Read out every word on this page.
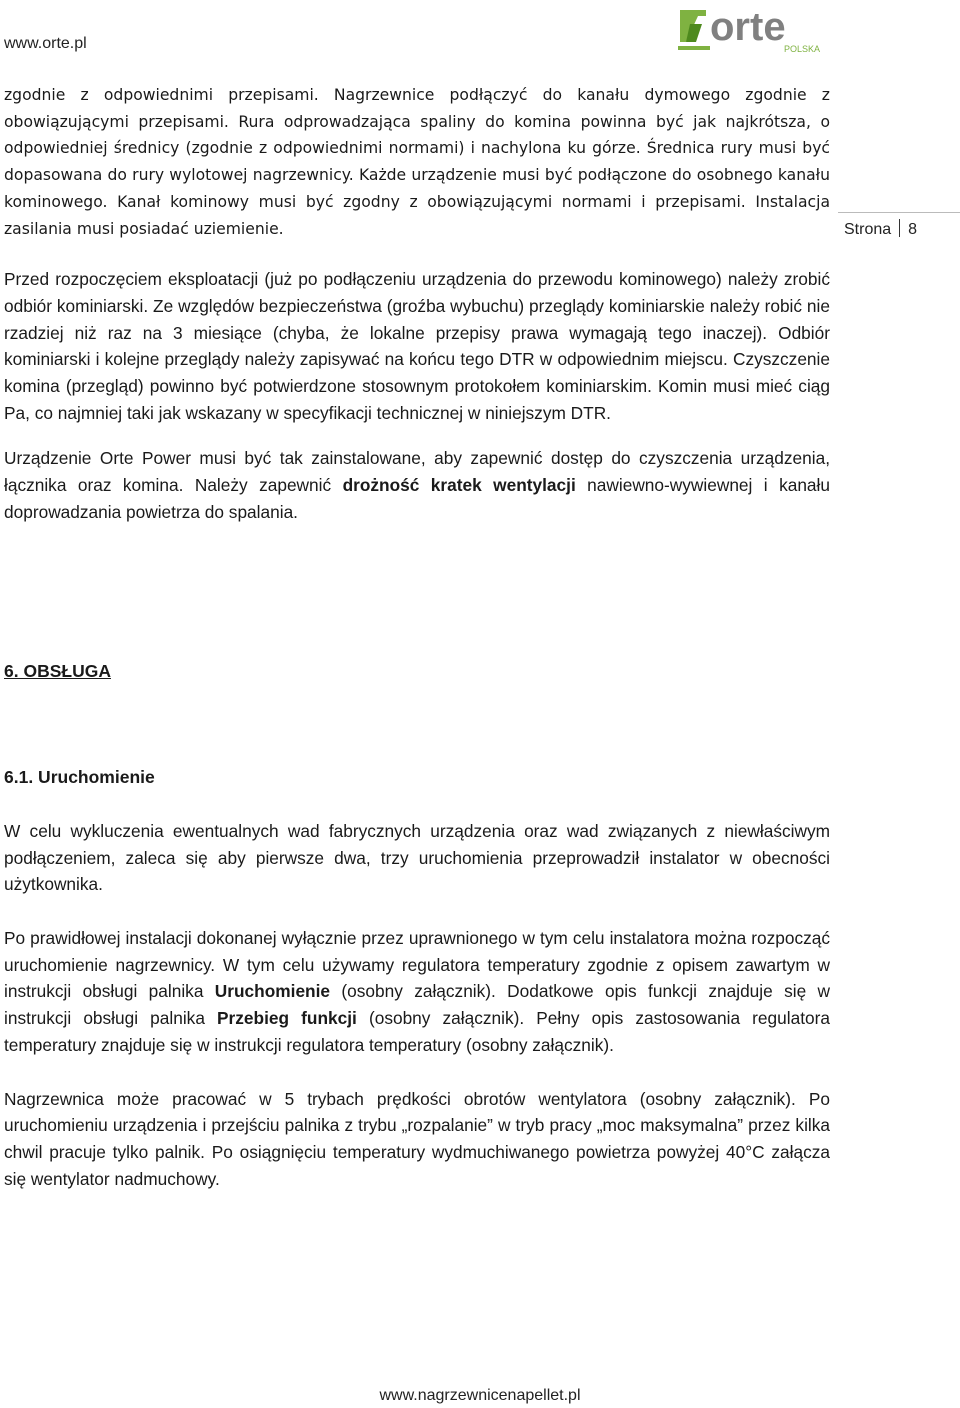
www.orte.pl	orte
POLSKA
Strona 8

zgodnie z odpowiednimi przepisami. Nagrzewnice podłączyć do kanału dymowego zgodnie z obowiązującymi przepisami. Rura odprowadzająca spaliny do komina powinna być jak najkrótsza, o odpowiedniej średnicy (zgodnie z odpowiednimi normami) i nachylona ku górze. Średnica rury musi być dopasowana do rury wylotowej nagrzewnicy. Każde urządzenie musi być podłączone do osobnego kanału kominowego. Kanał kominowy musi być zgodny z obowiązującymi normami i przepisami. Instalacja zasilania musi posiadać uziemienie.

Przed rozpoczęciem eksploatacji (już po podłączeniu urządzenia do przewodu kominowego) należy zrobić odbiór kominiarski. Ze względów bezpieczeństwa (groźba wybuchu) przeglądy kominiarskie należy robić nie rzadziej niż raz na 3 miesiące (chyba, że lokalne przepisy prawa wymagają tego inaczej). Odbiór kominiarski i kolejne przeglądy należy zapisywać na końcu tego DTR w odpowiednim miejscu. Czyszczenie komina (przegląd) powinno być potwierdzone stosownym protokołem kominiarskim. Komin musi mieć ciąg Pa, co najmniej taki jak wskazany w specyfikacji technicznej w niniejszym DTR.

Urządzenie Orte Power musi być tak zainstalowane, aby zapewnić dostęp do czyszczenia urządzenia, łącznika oraz komina. Należy zapewnić drożność kratek wentylacji nawiewno-wywiewnej i kanału doprowadzania powietrza do spalania.

6. OBSŁUGA

6.1. Uruchomienie

W celu wykluczenia ewentualnych wad fabrycznych urządzenia oraz wad związanych z niewłaściwym podłączeniem, zaleca się aby pierwsze dwa, trzy uruchomienia przeprowadził instalator w obecności użytkownika.

Po prawidłowej instalacji dokonanej wyłącznie przez uprawnionego w tym celu instalatora można rozpocząć uruchomienie nagrzewnicy. W tym celu używamy regulatora temperatury zgodnie z opisem zawartym w instrukcji obsługi palnika Uruchomienie (osobny załącznik). Dodatkowe opis funkcji znajduje się w instrukcji obsługi palnika Przebieg funkcji (osobny załącznik). Pełny opis zastosowania regulatora temperatury znajduje się w instrukcji regulatora temperatury (osobny załącznik).

Nagrzewnica może pracować w 5 trybach prędkości obrotów wentylatora (osobny załącznik). Po uruchomieniu urządzenia i przejściu palnika z trybu „rozpalanie” w tryb pracy „moc maksymalna” przez kilka chwil pracuje tylko palnik. Po osiągnięciu temperatury wydmuchiwanego powietrza powyżej 40°C załącza się wentylator nadmuchowy.

www.nagrzewnicenapellet.pl
